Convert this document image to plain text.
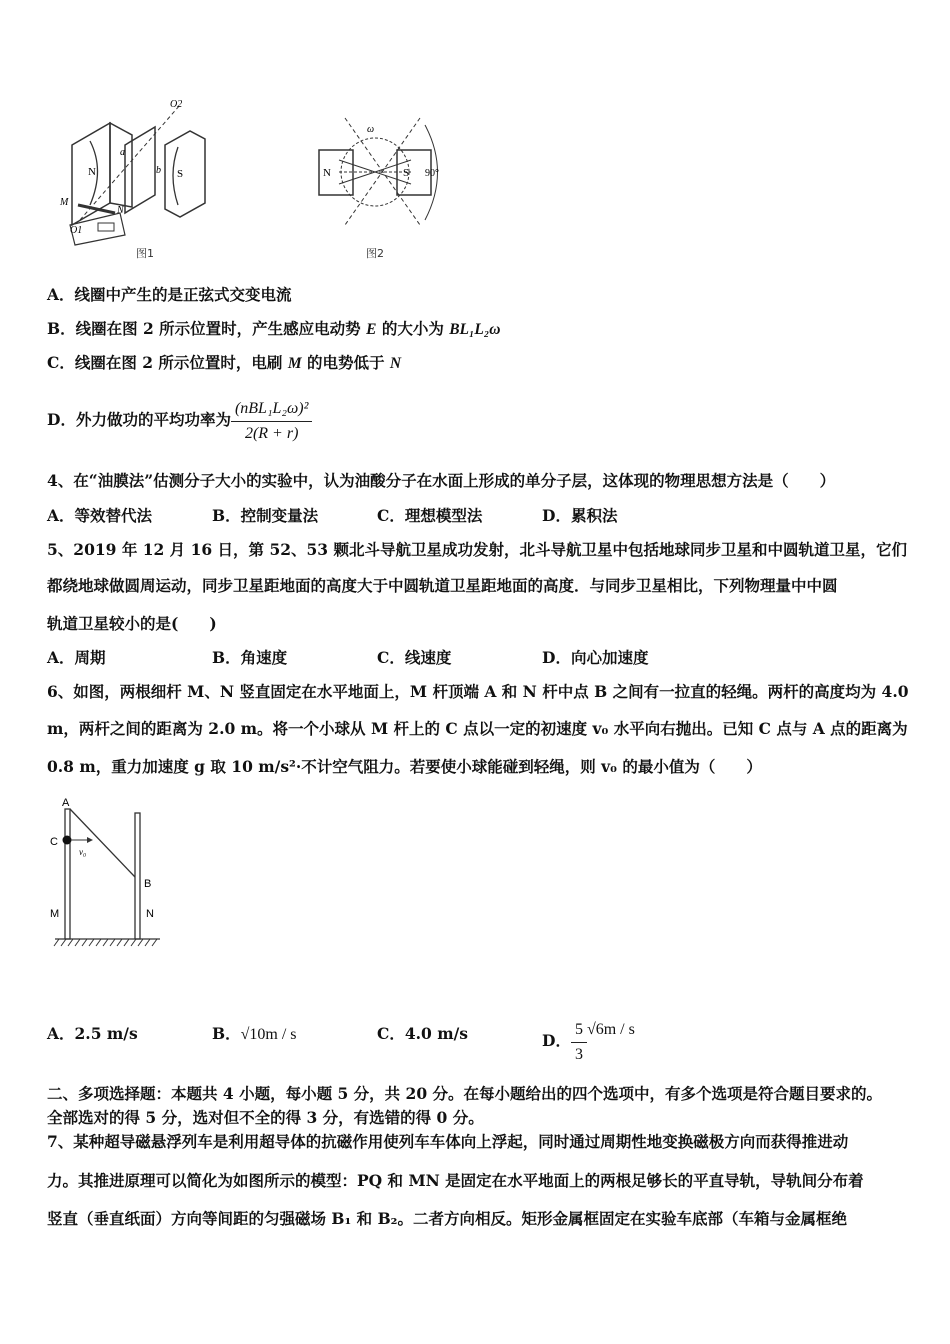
N	S
O2
O1
M
N
a
b
图1
N	S
ω
90°
图2
A．线圈中产生的是正弦式交变电流
B．线圈在图 2 所示位置时，产生感应电动势 E 的大小为 BL₁L₂ω
C．线圈在图 2 所示位置时，电刷 M 的电势低于 N
D．外力做功的平均功率为 $\frac{\text{(nBL₁L₂ω)²}}{2(R + r)}$
4、在“油膜法”估测分子大小的实验中，认为油酸分子在水面上形成的单分子层，这体现的物理思想方法是（　　）
A．等效替代法	B．控制变量法	C．理想模型法	D．累积法
5、2019 年 12 月 16 日，第 52、53 颗北斗导航卫星成功发射，北斗导航卫星中包括地球同步卫星和中圆轨道卫星，它们
都绕地球做圆周运动，同步卫星距地面的高度大于中圆轨道卫星距地面的高度．与同步卫星相比，下列物理量中中圆
轨道卫星较小的是(　　)
A．周期	B．角速度	C．线速度	D．向心加速度
6、如图，两根细杆 M、N 竖直固定在水平地面上，M 杆顶端 A 和 N 杆中点 B 之间有一拉直的轻绳。两杆的高度均为 4.0
m，两杆之间的距离为 2.0 m。将一个小球从 M 杆上的 C 点以一定的初速度 v₀ 水平向右抛出。已知 C 点与 A 点的距离为
0.8 m，重力加速度 g 取 10 m/s²·不计空气阻力。若要使小球能碰到轻绳，则 v₀ 的最小值为（　　）
A
C
v₀
B
M	N
A．2.5 m/s	B．√10m / s	C．4.0 m/s	D． $\frac{5}{3} √6m$ / s
二、多项选择题：本题共 4 小题，每小题 5 分，共 20 分。在每小题给出的四个选项中，有多个选项是符合题目要求的。
全部选对的得 5 分，选对但不全的得 3 分，有选错的得 0 分。
7、某种超导磁悬浮列车是利用超导体的抗磁作用使列车车体向上浮起，同时通过周期性地变换磁极方向而获得推进动
力。其推进原理可以简化为如图所示的模型：PQ 和 MN 是固定在水平地面上的两根足够长的平直导轨，导轨间分布着
竖直（垂直纸面）方向等间距的匀强磁场 B₁ 和 B₂。二者方向相反。矩形金属框固定在实验车底部（车箱与金属框绝
